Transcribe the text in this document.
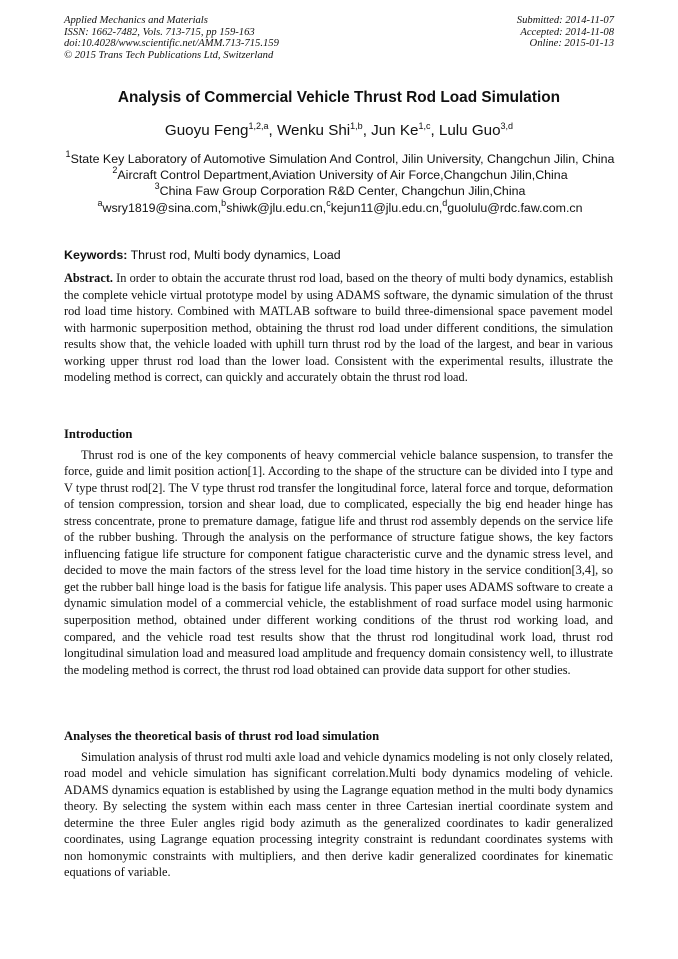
Applied Mechanics and Materials
ISSN: 1662-7482, Vols. 713-715, pp 159-163
doi:10.4028/www.scientific.net/AMM.713-715.159
© 2015 Trans Tech Publications Ltd, Switzerland
Submitted: 2014-11-07
Accepted: 2014-11-08
Online: 2015-01-13
Analysis of Commercial Vehicle Thrust Rod Load Simulation
Guoyu Feng$^{1,2,a}$, Wenku Shi$^{1,b}$, Jun Ke$^{1,c}$, Lulu Guo$^{3,d}$
$^1$State Key Laboratory of Automotive Simulation And Control, Jilin University, Changchun Jilin, China
$^2$Aircraft Control Department,Aviation University of Air Force,Changchun Jilin,China
$^3$China Faw Group Corporation R&D Center, Changchun Jilin,China
$^a$wsry1819@sina.com,$^b$shiwk@jlu.edu.cn,$^c$kejun11@jlu.edu.cn,$^d$guolulu@rdc.faw.com.cn
Keywords: Thrust rod, Multi body dynamics, Load
Abstract. In order to obtain the accurate thrust rod load, based on the theory of multi body dynamics, establish the complete vehicle virtual prototype model by using ADAMS software, the dynamic simulation of the thrust rod load time history. Combined with MATLAB software to build three-dimensional space pavement model with harmonic superposition method, obtaining the thrust rod load under different conditions, the simulation results show that, the vehicle loaded with uphill turn thrust rod by the load of the largest, and bear in various working upper thrust rod load than the lower load. Consistent with the experimental results, illustrate the modeling method is correct, can quickly and accurately obtain the thrust rod load.
Introduction

Thrust rod is one of the key components of heavy commercial vehicle balance suspension, to transfer the force, guide and limit position action[1]. According to the shape of the structure can be divided into I type and V type thrust rod[2]. The V type thrust rod transfer the longitudinal force, lateral force and torque, deformation of tension compression, torsion and shear load, due to complicated, especially the big end header hinge has stress concentrate, prone to premature damage, fatigue life and thrust rod assembly depends on the service life of the rubber bushing. Through the analysis on the performance of structure fatigue shows, the key factors influencing fatigue life structure for component fatigue characteristic curve and the dynamic stress level, and decided to move the main factors of the stress level for the load time history in the service condition[3,4], so get the rubber ball hinge load is the basis for fatigue life analysis. This paper uses ADAMS software to create a dynamic simulation model of a commercial vehicle, the establishment of road surface model using harmonic superposition method, obtained under different working conditions of the thrust rod working load, and compared, and the vehicle road test results show that the thrust rod longitudinal work load, thrust rod longitudinal simulation load and measured load amplitude and frequency domain consistency well, to illustrate the modeling method is correct, the thrust rod load obtained can provide data support for other studies.

Analyses the theoretical basis of thrust rod load simulation

Simulation analysis of thrust rod multi axle load and vehicle dynamics modeling is not only closely related, road model and vehicle simulation has significant correlation.Multi body dynamics modeling of vehicle. ADAMS dynamics equation is established by using the Lagrange equation method in the multi body dynamics theory. By selecting the system within each mass center in three Cartesian inertial coordinate system and determine the three Euler angles rigid body azimuth as the generalized coordinates to kadir generalized coordinates, using Lagrange equation processing integrity constraint is redundant coordinates systems with non homonymic constraints with multipliers, and then derive kadir generalized coordinates for kinematic equations of variable.
